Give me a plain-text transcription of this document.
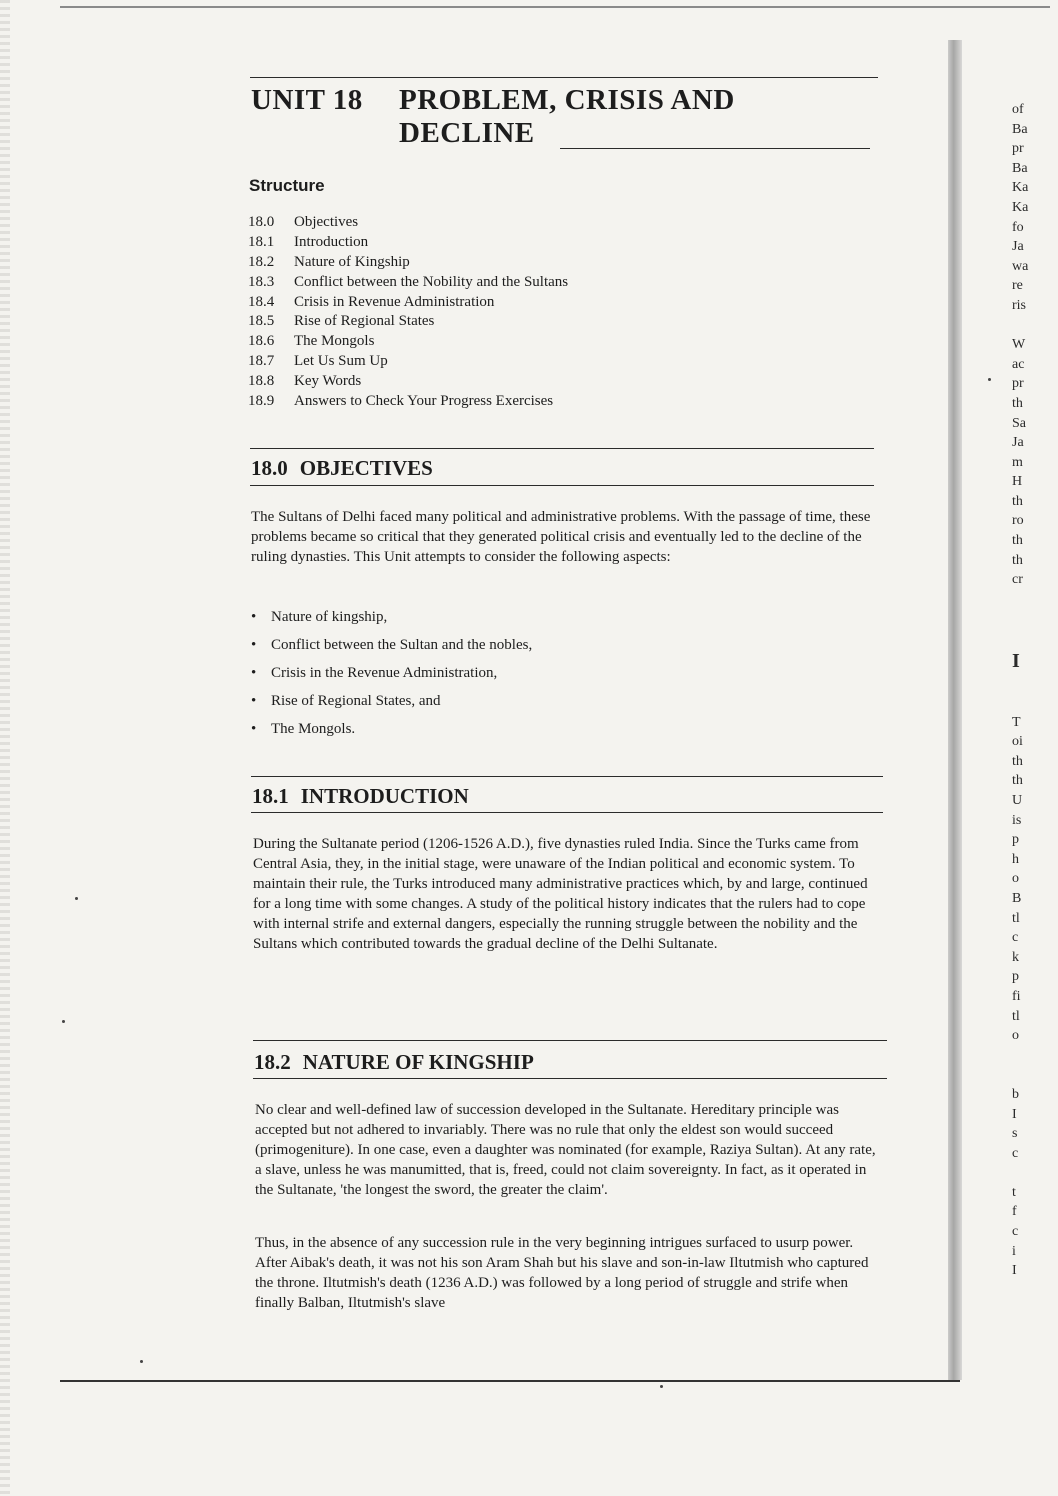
UNIT 18 PROBLEM, CRISIS AND
DECLINE
Structure
18.0	Objectives
18.1	Introduction
18.2	Nature of Kingship
18.3	Conflict between the Nobility and the Sultans
18.4	Crisis in Revenue Administration
18.5	Rise of Regional States
18.6	The Mongols
18.7	Let Us Sum Up
18.8	Key Words
18.9	Answers to Check Your Progress Exercises
18.0 OBJECTIVES

The Sultans of Delhi faced many political and administrative problems. With the passage of time, these problems became so critical that they generated political crisis and eventually led to the decline of the ruling dynasties. This Unit attempts to consider the following aspects:

• Nature of kingship,
• Conflict between the Sultan and the nobles,
• Crisis in the Revenue Administration,
• Rise of Regional States, and
• The Mongols.
18.1 INTRODUCTION

During the Sultanate period (1206-1526 A.D.), five dynasties ruled India. Since the Turks came from Central Asia, they, in the initial stage, were unaware of the Indian political and economic system. To maintain their rule, the Turks introduced many administrative practices which, by and large, continued for a long time with some changes. A study of the political history indicates that the rulers had to cope with internal strife and external dangers, especially the running struggle between the nobility and the Sultans which contributed towards the gradual decline of the Delhi Sultanate.

18.2 NATURE OF KINGSHIP

No clear and well-defined law of succession developed in the Sultanate. Hereditary principle was accepted but not adhered to invariably. There was no rule that only the eldest son would succeed (primogeniture). In one case, even a daughter was nominated (for example, Raziya Sultan). At any rate, a slave, unless he was manumitted, that is, freed, could not claim sovereignty. In fact, as it operated in the Sultanate, 'the longest the sword, the greater the claim'.

Thus, in the absence of any succession rule in the very beginning intrigues surfaced to usurp power. After Aibak's death, it was not his son Aram Shah but his slave and son-in-law Iltutmish who captured the throne. Iltutmish's death (1236 A.D.) was followed by a long period of struggle and strife when finally Balban, Iltutmish's slave

of
Ba
pr
Ba
Ka
Ka
fo
Ja
wa
re
ris
W
ac
pr
th
Sa
Ja
m
H
th
ro
th
th
cr
I
T
oi
th
th
U
is
p
h
o
B
tl
c
k
p
fi
tl
o
b
I
s
c
t
f
c
i
I
